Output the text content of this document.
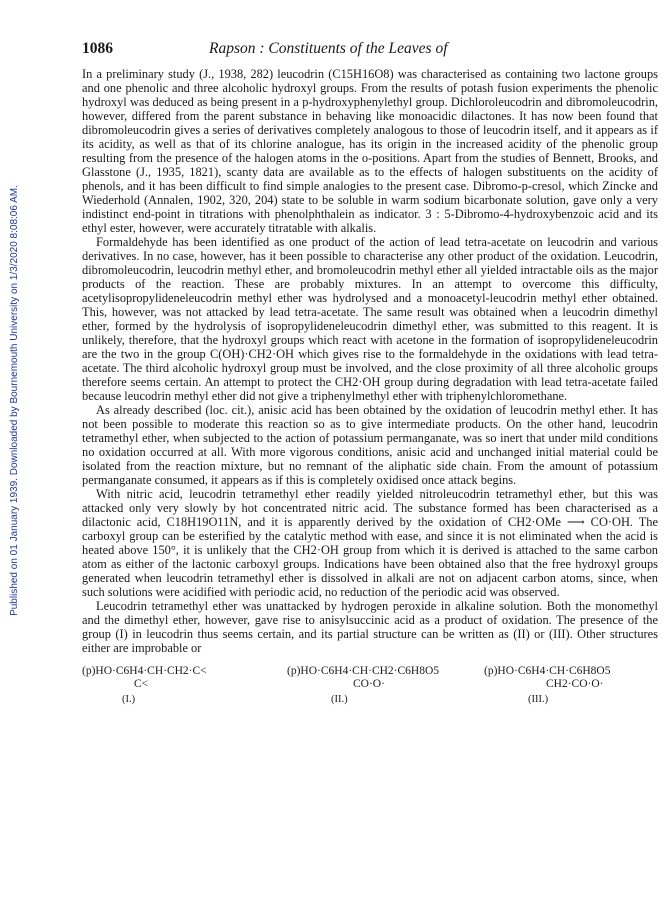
Published on 01 January 1939. Downloaded by Bournemouth University on 1/3/2020 8:08:06 AM.
1086	Rapson : Constituents of the Leaves of

In a preliminary study (J., 1938, 282) leucodrin (C15H16O8) was characterised as containing two lactone groups and one phenolic and three alcoholic hydroxyl groups. From the results of potash fusion experiments the phenolic hydroxyl was deduced as being present in a p-hydroxyphenylethyl group. Dichloroleucodrin and dibromoleucodrin, however, differed from the parent substance in behaving like monoacidic dilactones. It has now been found that dibromoleucodrin gives a series of derivatives completely analogous to those of leucodrin itself, and it appears as if its acidity, as well as that of its chlorine analogue, has its origin in the increased acidity of the phenolic group resulting from the presence of the halogen atoms in the o-positions. Apart from the studies of Bennett, Brooks, and Glasstone (J., 1935, 1821), scanty data are available as to the effects of halogen substituents on the acidity of phenols, and it has been difficult to find simple analogies to the present case. Dibromo-p-cresol, which Zincke and Wiederhold (Annalen, 1902, 320, 204) state to be soluble in warm sodium bicarbonate solution, gave only a very indistinct end-point in titrations with phenolphthalein as indicator. 3 : 5-Dibromo-4-hydroxybenzoic acid and its ethyl ester, however, were accurately titratable with alkalis.

Formaldehyde has been identified as one product of the action of lead tetra-acetate on leucodrin and various derivatives. In no case, however, has it been possible to characterise any other product of the oxidation. Leucodrin, dibromoleucodrin, leucodrin methyl ether, and bromoleucodrin methyl ether all yielded intractable oils as the major products of the reaction. These are probably mixtures. In an attempt to overcome this difficulty, acetylisopropylideneleucodrin methyl ether was hydrolysed and a monoacetyl-leucodrin methyl ether obtained. This, however, was not attacked by lead tetra-acetate. The same result was obtained when a leucodrin dimethyl ether, formed by the hydrolysis of isopropylideneleucodrin dimethyl ether, was submitted to this reagent. It is unlikely, therefore, that the hydroxyl groups which react with acetone in the formation of isopropylideneleucodrin are the two in the group C(OH)·CH2·OH which gives rise to the formaldehyde in the oxidations with lead tetra-acetate. The third alcoholic hydroxyl group must be involved, and the close proximity of all three alcoholic groups therefore seems certain. An attempt to protect the CH2·OH group during degradation with lead tetra-acetate failed because leucodrin methyl ether did not give a triphenylmethyl ether with triphenylchloromethane.

As already described (loc. cit.), anisic acid has been obtained by the oxidation of leucodrin methyl ether. It has not been possible to moderate this reaction so as to give intermediate products. On the other hand, leucodrin tetramethyl ether, when subjected to the action of potassium permanganate, was so inert that under mild conditions no oxidation occurred at all. With more vigorous conditions, anisic acid and unchanged initial material could be isolated from the reaction mixture, but no remnant of the aliphatic side chain. From the amount of potassium permanganate consumed, it appears as if this is completely oxidised once attack begins.

With nitric acid, leucodrin tetramethyl ether readily yielded nitroleucodrin tetramethyl ether, but this was attacked only very slowly by hot concentrated nitric acid. The substance formed has been characterised as a dilactonic acid, C18H19O11N, and it is apparently derived by the oxidation of CH2·OMe ⟶ CO·OH. The carboxyl group can be esterified by the catalytic method with ease, and since it is not eliminated when the acid is heated above 150°, it is unlikely that the CH2·OH group from which it is derived is attached to the same carbon atom as either of the lactonic carboxyl groups. Indications have been obtained also that the free hydroxyl groups generated when leucodrin tetramethyl ether is dissolved in alkali are not on adjacent carbon atoms, since, when such solutions were acidified with periodic acid, no reduction of the periodic acid was observed.

Leucodrin tetramethyl ether was unattacked by hydrogen peroxide in alkaline solution. Both the monomethyl and the dimethyl ether, however, gave rise to anisylsuccinic acid as a product of oxidation. The presence of the group (I) in leucodrin thus seems certain, and its partial structure can be written as (II) or (III). Other structures either are improbable or

(p)HO·C6H4·CH·CH2·C<
C<
(I.)
(p)HO·C6H4·CH·CH2·C6H8O5
CO·O·
(II.)
(p)HO·C6H4·CH·C6H8O5
CH2·CO·O·
(III.)
